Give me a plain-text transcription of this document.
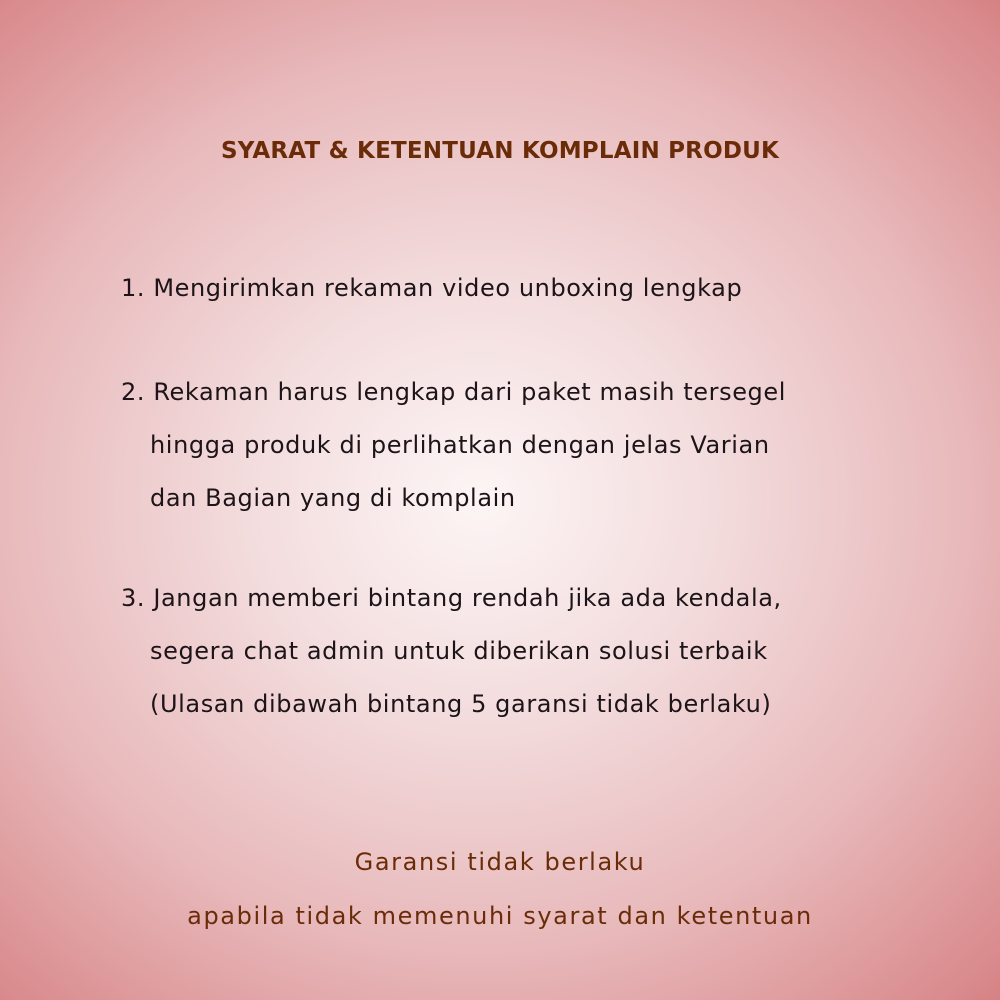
SYARAT & KETENTUAN KOMPLAIN PRODUK
1. Mengirimkan rekaman video unboxing lengkap
2. Rekaman harus lengkap dari paket masih tersegel
hingga produk di perlihatkan dengan jelas Varian
dan Bagian yang di komplain
3. Jangan memberi bintang rendah jika ada kendala,
segera chat admin untuk diberikan solusi terbaik
(Ulasan dibawah bintang 5 garansi tidak berlaku)
Garansi tidak berlaku
apabila tidak memenuhi syarat dan ketentuan
